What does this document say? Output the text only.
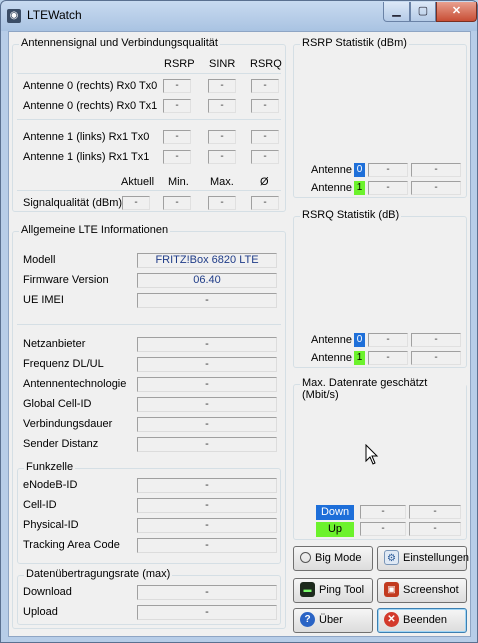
◉ LTEWatch	▁	▢	✕
Antennensignal und Verbindungsqualität
RSRP SINR RSRQ
Antenne 0 (rechts) Rx0 Tx0	-	-	-
Antenne 0 (rechts) Rx0 Tx1	-	-	-
Antenne 1 (links) Rx1 Tx0	-	-	-
Antenne 1 (links) Rx1 Tx1	-	-	-
Aktuell Min. Max. Ø
Signalqualität (dBm)	-	-	-	-
Allgemeine LTE Informationen
Modell	FRITZ!Box 6820 LTE
Firmware Version	06.40
UE IMEI	-
Netzanbieter	-
Frequenz DL/UL	-
Antennentechnologie	-
Global Cell-ID	-
Verbindungsdauer	-
Sender Distanz	-
Funkzelle
eNodeB-ID	-
Cell-ID	-
Physical-ID	-
Tracking Area Code	-
Datenübertragungsrate (max)
Download	-
Upload	-
RSRP Statistik (dBm)
Antenne 0	-	-
Antenne 1	-	-
RSRQ Statistik (dB)
Antenne 0	-	-
Antenne 1	-	-
Max. Datenrate geschätzt (Mbit/s)
Down	-	-
Up	-	-
Big Mode	⚙ Einstellungen
▬ Ping Tool	▣ Screenshot
? Über	✕ Beenden
